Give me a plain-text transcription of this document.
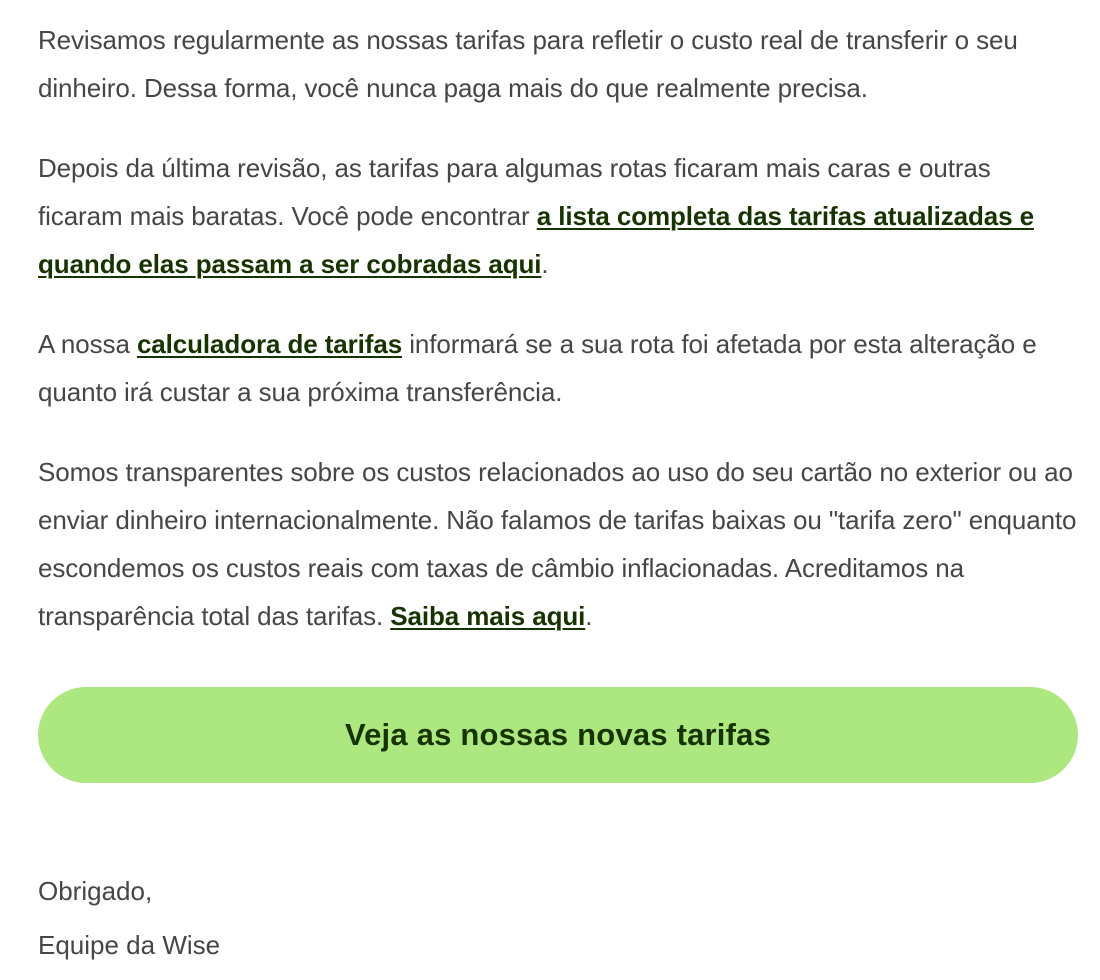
Revisamos regularmente as nossas tarifas para refletir o custo real de transferir o seu dinheiro. Dessa forma, você nunca paga mais do que realmente precisa.

Depois da última revisão, as tarifas para algumas rotas ficaram mais caras e outras ficaram mais baratas. Você pode encontrar a lista completa das tarifas atualizadas e quando elas passam a ser cobradas aqui.

A nossa calculadora de tarifas informará se a sua rota foi afetada por esta alteração e quanto irá custar a sua próxima transferência.

Somos transparentes sobre os custos relacionados ao uso do seu cartão no exterior ou ao enviar dinheiro internacionalmente. Não falamos de tarifas baixas ou "tarifa zero" enquanto escondemos os custos reais com taxas de câmbio inflacionadas. Acreditamos na transparência total das tarifas. Saiba mais aqui.

Veja as nossas novas tarifas
Obrigado,
Equipe da Wise
